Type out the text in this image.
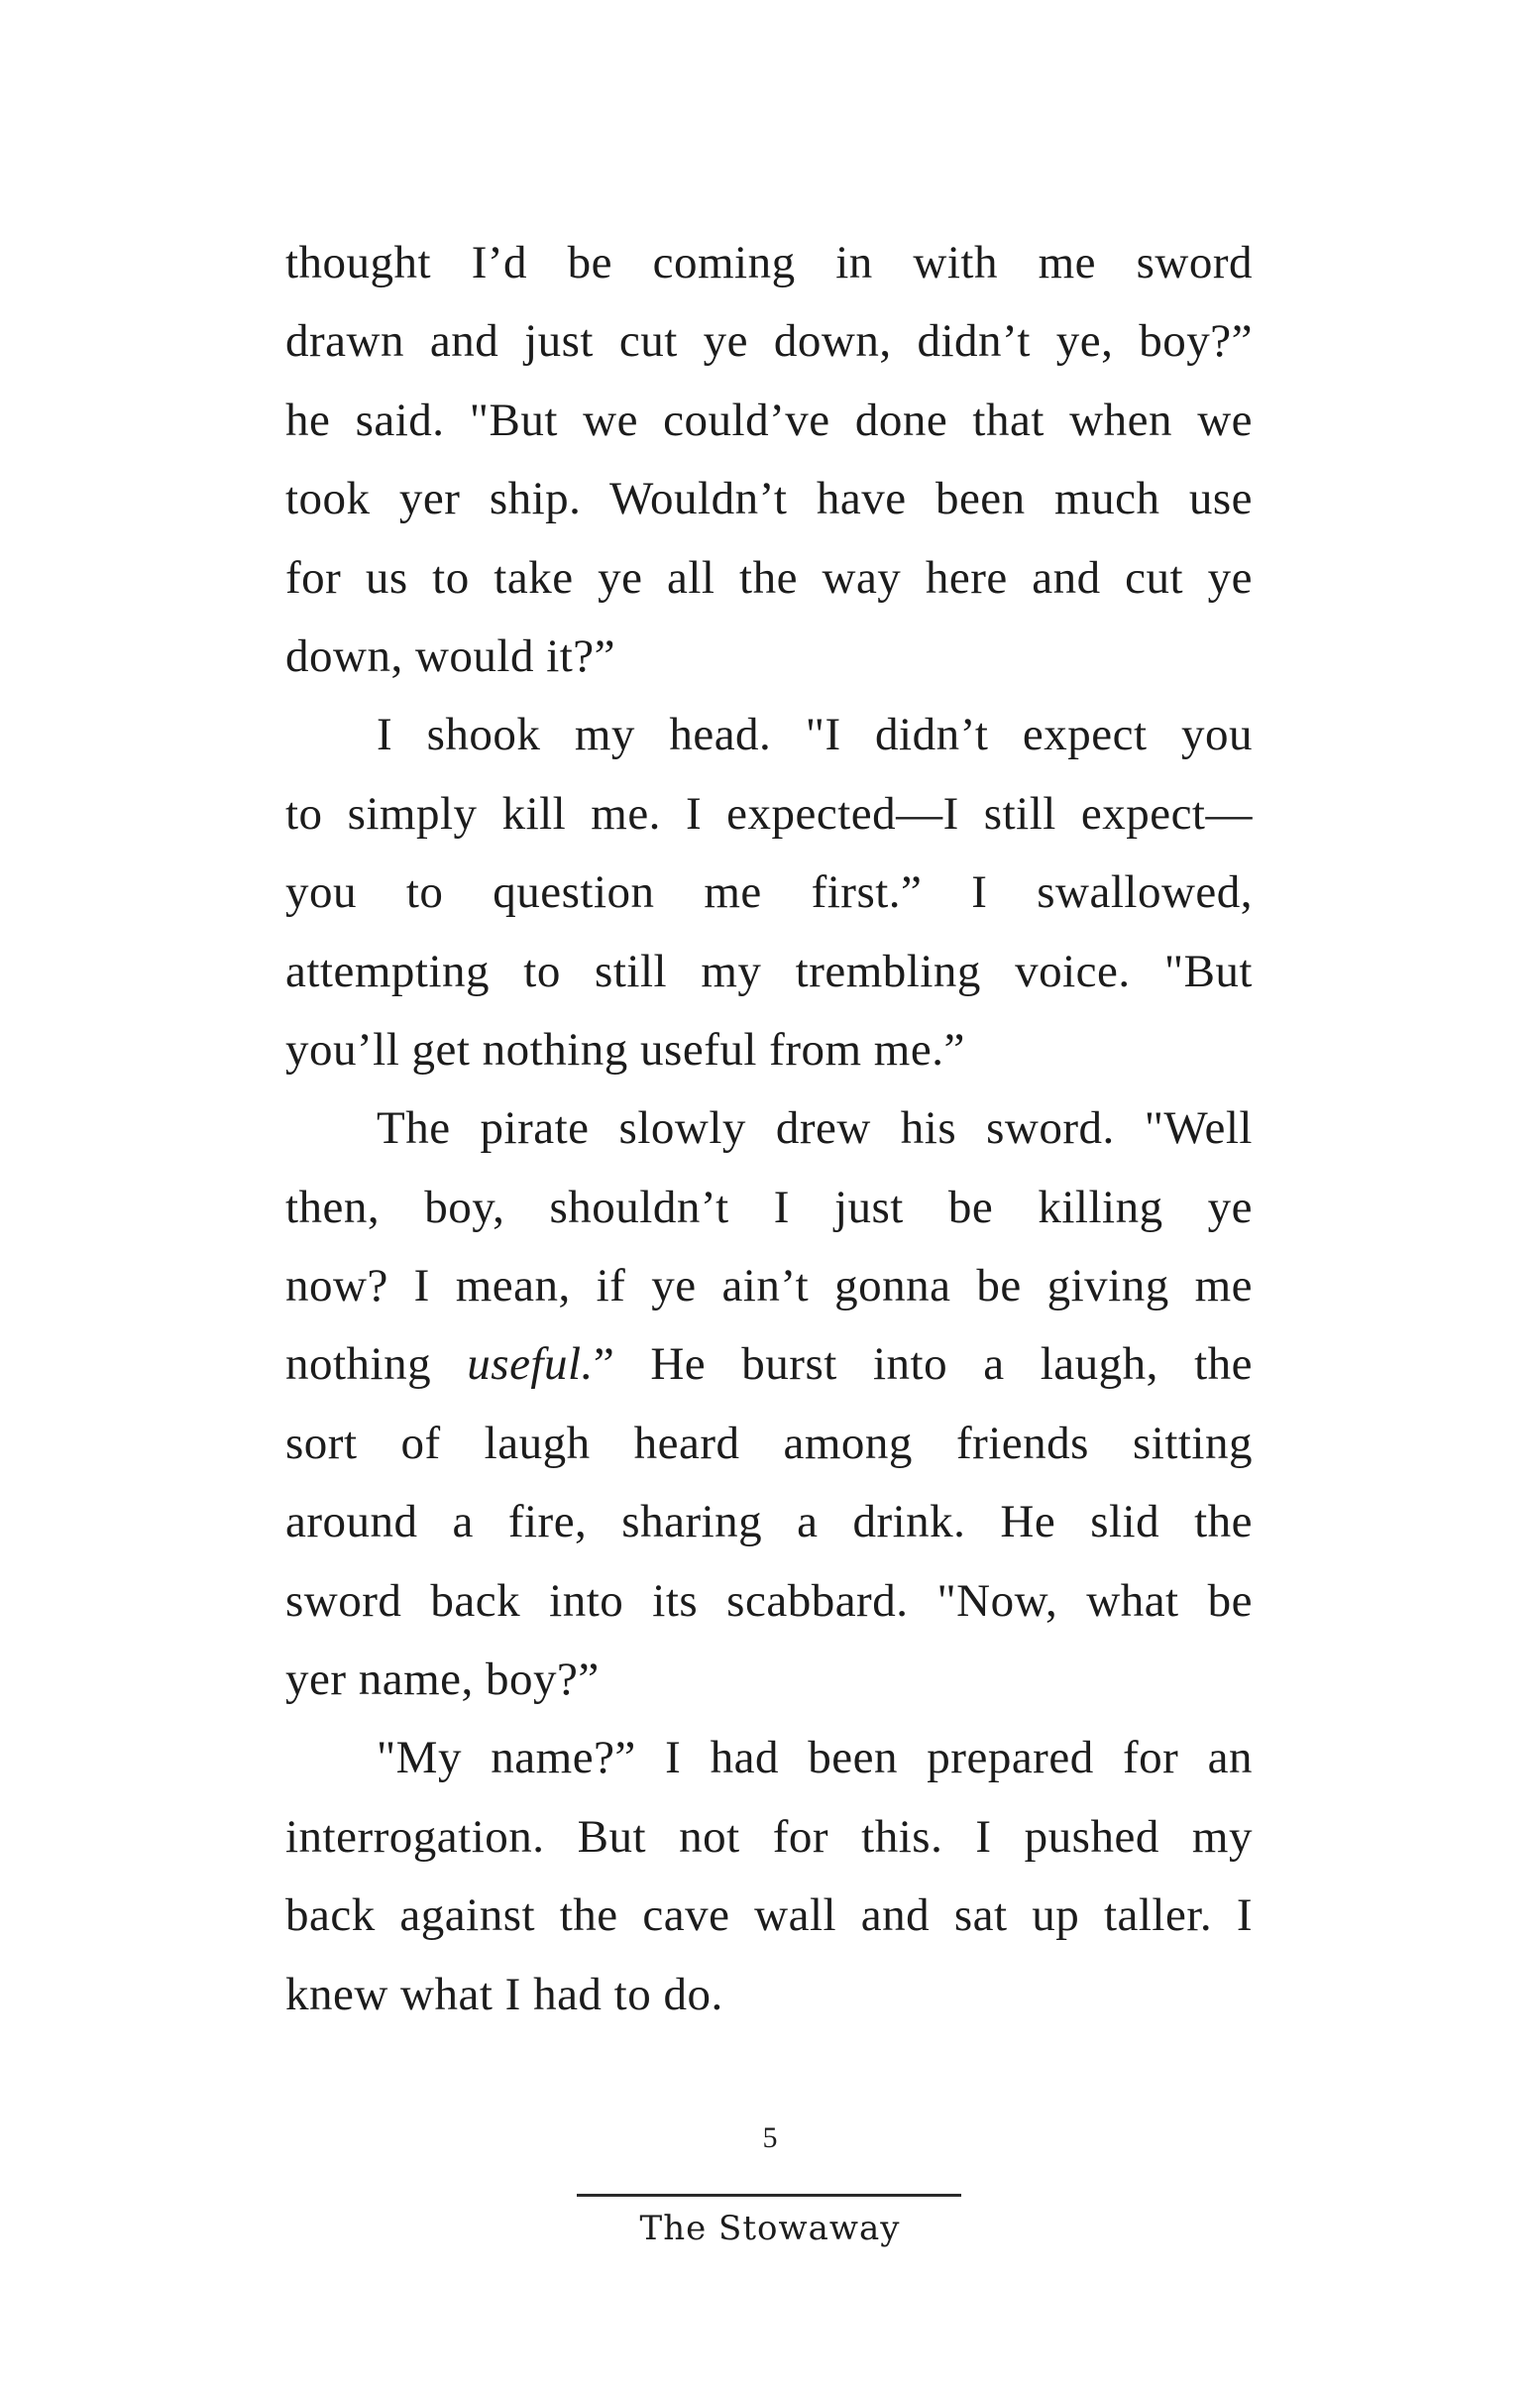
thought I’d be coming in with me sword
drawn and just cut ye down, didn’t ye, boy?”
he said. "But we could’ve done that when we
took yer ship. Wouldn’t have been much use
for us to take ye all the way here and cut ye
down, would it?”
I shook my head. "I didn’t expect you
to simply kill me. I expected—I still expect—
you to question me first.” I swallowed,
attempting to still my trembling voice. "But
you’ll get nothing useful from me.”
The pirate slowly drew his sword. "Well
then, boy, shouldn’t I just be killing ye
now? I mean, if ye ain’t gonna be giving me
nothing useful.” He burst into a laugh, the
sort of laugh heard among friends sitting
around a fire, sharing a drink. He slid the
sword back into its scabbard. "Now, what be
yer name, boy?”
"My name?” I had been prepared for an
interrogation. But not for this. I pushed my
back against the cave wall and sat up taller. I
knew what I had to do.
5
The Stowaway
